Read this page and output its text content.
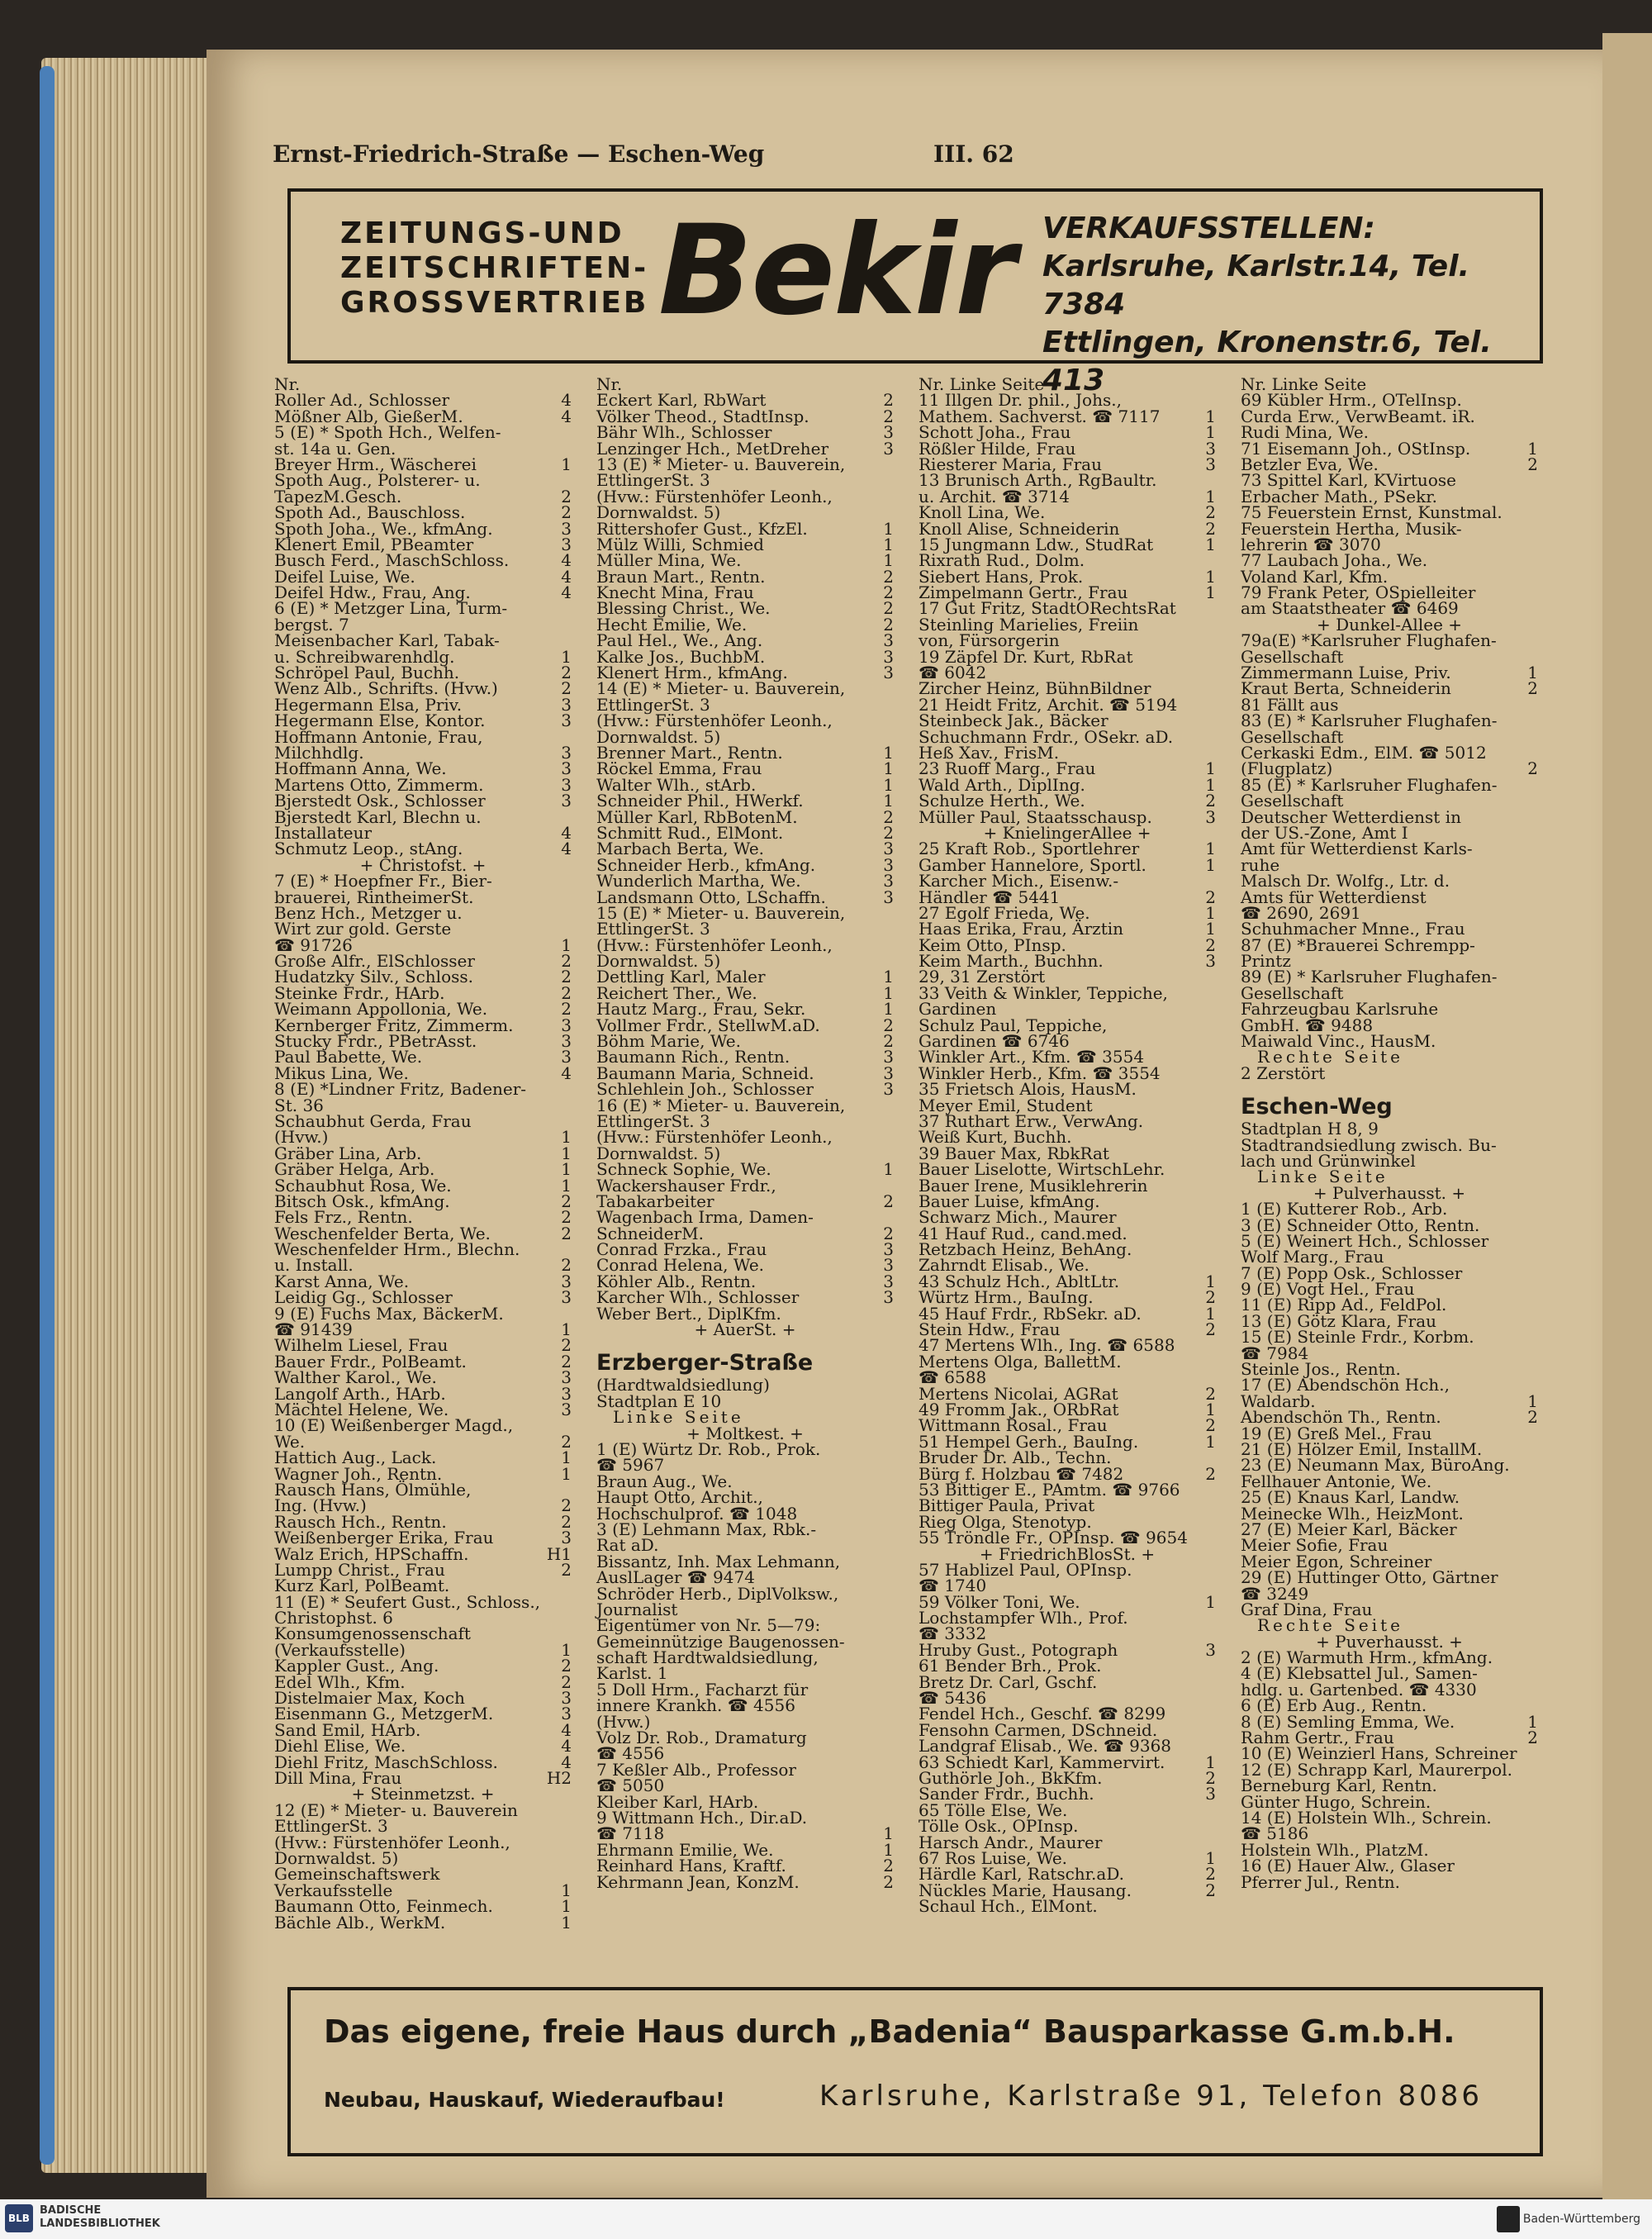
Ernst-Friedrich-Straße — Eschen-Weg	III. 62
ZEITUNGS-UND
ZEITSCHRIFTEN-
GROSSVERTRIEB Bekir VERKAUFSSTELLEN:
Karlsruhe, Karlstr.14, Tel. 7384
Ettlingen, Kronenstr.6, Tel. 413
Nr.
Roller Ad., Schlosser	4
Mößner Alb, GießerM.	4
5 (E) * Spoth Hch., Welfen-
st. 14a u. Gen.
Breyer Hrm., Wäscherei	1
Spoth Aug., Polsterer- u.
TapezM.Gesch.	2
Spoth Ad., Bauschloss.	2
Spoth Joha., We., kfmAng.	3
Klenert Emil, PBeamter	3
Busch Ferd., MaschSchloss.	4
Deifel Luise, We.	4
Deifel Hdw., Frau, Ang.	4
6 (E) * Metzger Lina, Turm-
bergst. 7
Meisenbacher Karl, Tabak-
u. Schreibwarenhdlg.	1
Schröpel Paul, Buchh.	2
Wenz Alb., Schrifts. (Hvw.)	2
Hegermann Elsa, Priv.	3
Hegermann Else, Kontor.	3
Hoffmann Antonie, Frau,
Milchhdlg.	3
Hoffmann Anna, We.	3
Martens Otto, Zimmerm.	3
Bjerstedt Osk., Schlosser	3
Bjerstedt Karl, Blechn u.
Installateur	4
Schmutz Leop., stAng.	4
+ Christofst. +
7 (E) * Hoepfner Fr., Bier-
brauerei, RintheimerSt.
Benz Hch., Metzger u.
Wirt zur gold. Gerste
☎ 91726	1
Große Alfr., ElSchlosser	2
Hudatzky Silv., Schloss.	2
Steinke Frdr., HArb.	2
Weimann Appollonia, We.	2
Kernberger Fritz, Zimmerm.	3
Stucky Frdr., PBetrAsst.	3
Paul Babette, We.	3
Mikus Lina, We.	4
8 (E) *Lindner Fritz, Badener-
St. 36
Schaubhut Gerda, Frau
(Hvw.)	1
Gräber Lina, Arb.	1
Gräber Helga, Arb.	1
Schaubhut Rosa, We.	1
Bitsch Osk., kfmAng.	2
Fels Frz., Rentn.	2
Weschenfelder Berta, We.	2
Weschenfelder Hrm., Blechn.
u. Install.	2
Karst Anna, We.	3
Leidig Gg., Schlosser	3
9 (E) Fuchs Max, BäckerM.
☎ 91439	1
Wilhelm Liesel, Frau	2
Bauer Frdr., PolBeamt.	2
Walther Karol., We.	3
Langolf Arth., HArb.	3
Mächtel Helene, We.	3
10 (E) Weißenberger Magd.,
We.	2
Hattich Aug., Lack.	1
Wagner Joh., Rentn.	1
Rausch Hans, Ölmühle,
Ing. (Hvw.)	2
Rausch Hch., Rentn.	2
Weißenberger Erika, Frau	3
Walz Erich, HPSchaffn.	H1
Lumpp Christ., Frau	2
Kurz Karl, PolBeamt.
11 (E) * Seufert Gust., Schloss.,
Christophst. 6
Konsumgenossenschaft
(Verkaufsstelle)	1
Kappler Gust., Ang.	2
Edel Wlh., Kfm.	2
Distelmaier Max, Koch	3
Eisenmann G., MetzgerM.	3
Sand Emil, HArb.	4
Diehl Elise, We.	4
Diehl Fritz, MaschSchloss.	4
Dill Mina, Frau	H2
+ Steinmetzst. +
12 (E) * Mieter- u. Bauverein
EttlingerSt. 3
(Hvw.: Fürstenhöfer Leonh.,
Dornwaldst. 5)
Gemeinschaftswerk
Verkaufsstelle	1
Baumann Otto, Feinmech.	1
Bächle Alb., WerkM.	1
Nr.
Eckert Karl, RbWart	2
Völker Theod., StadtInsp.	2
Bähr Wlh., Schlosser	3
Lenzinger Hch., MetDreher	3
13 (E) * Mieter- u. Bauverein,
EttlingerSt. 3
(Hvw.: Fürstenhöfer Leonh.,
Dornwaldst. 5)
Rittershofer Gust., KfzEl.	1
Mülz Willi, Schmied	1
Müller Mina, We.	1
Braun Mart., Rentn.	2
Knecht Mina, Frau	2
Blessing Christ., We.	2
Hecht Emilie, We.	2
Paul Hel., We., Ang.	3
Kalke Jos., BuchbM.	3
Klenert Hrm., kfmAng.	3
14 (E) * Mieter- u. Bauverein,
EttlingerSt. 3
(Hvw.: Fürstenhöfer Leonh.,
Dornwaldst. 5)
Brenner Mart., Rentn.	1
Röckel Emma, Frau	1
Walter Wlh., stArb.	1
Schneider Phil., HWerkf.	1
Müller Karl, RbBotenM.	2
Schmitt Rud., ElMont.	2
Marbach Berta, We.	3
Schneider Herb., kfmAng.	3
Wunderlich Martha, We.	3
Landsmann Otto, LSchaffn.	3
15 (E) * Mieter- u. Bauverein,
EttlingerSt. 3
(Hvw.: Fürstenhöfer Leonh.,
Dornwaldst. 5)
Dettling Karl, Maler	1
Reichert Ther., We.	1
Hautz Marg., Frau, Sekr.	1
Vollmer Frdr., StellwM.aD.	2
Böhm Marie, We.	2
Baumann Rich., Rentn.	3
Baumann Maria, Schneid.	3
Schlehlein Joh., Schlosser	3
16 (E) * Mieter- u. Bauverein,
EttlingerSt. 3
(Hvw.: Fürstenhöfer Leonh.,
Dornwaldst. 5)
Schneck Sophie, We.	1
Wackershauser Frdr.,
Tabakarbeiter	2
Wagenbach Irma, Damen-
SchneiderM.	2
Conrad Frzka., Frau	3
Conrad Helena, We.	3
Köhler Alb., Rentn.	3
Karcher Wlh., Schlosser	3
Weber Bert., DiplKfm.
+ AuerSt. +
Erzberger-Straße
(Hardtwaldsiedlung)
Stadtplan E 10
Linke Seite
+ Moltkest. +
1 (E) Würtz Dr. Rob., Prok.
☎ 5967
Braun Aug., We.
Haupt Otto, Archit.,
Hochschulprof. ☎ 1048
3 (E) Lehmann Max, Rbk.-
Rat aD.
Bissantz, Inh. Max Lehmann,
AuslLager ☎ 9474
Schröder Herb., DiplVolksw.,
Journalist
Eigentümer von Nr. 5—79:
Gemeinnützige Baugenossen-
schaft Hardtwaldsiedlung,
Karlst. 1
5 Doll Hrm., Facharzt für
innere Krankh. ☎ 4556
(Hvw.)
Volz Dr. Rob., Dramaturg
☎ 4556
7 Keßler Alb., Professor
☎ 5050
Kleiber Karl, HArb.
9 Wittmann Hch., Dir.aD.
☎ 7118	1
Ehrmann Emilie, We.	1
Reinhard Hans, Kraftf.	2
Kehrmann Jean, KonzM.	2
Nr. Linke Seite
11 Illgen Dr. phil., Johs.,
Mathem. Sachverst. ☎ 7117	1
Schott Joha., Frau	1
Rößler Hilde, Frau	3
Riesterer Maria, Frau	3
13 Brunisch Arth., RgBaultr.
u. Archit. ☎ 3714	1
Knoll Lina, We.	2
Knoll Alise, Schneiderin	2
15 Jungmann Ldw., StudRat	1
Rixrath Rud., Dolm.
Siebert Hans, Prok.	1
Zimpelmann Gertr., Frau	1
17 Gut Fritz, StadtORechtsRat
Steinling Marielies, Freiin
von, Fürsorgerin
19 Zäpfel Dr. Kurt, RbRat
☎ 6042
Zircher Heinz, BühnBildner
21 Heidt Fritz, Archit. ☎ 5194
Steinbeck Jak., Bäcker
Schuchmann Frdr., OSekr. aD.
Heß Xav., FrisM.
23 Ruoff Marg., Frau	1
Wald Arth., DiplIng.	1
Schulze Herth., We.	2
Müller Paul, Staatsschausp.	3
+ KnielingerAllee +
25 Kraft Rob., Sportlehrer	1
Gamber Hannelore, Sportl.	1
Karcher Mich., Eisenw.-
Händler ☎ 5441	2
27 Egolf Frieda, We.	1
Haas Erika, Frau, Ärztin	1
Keim Otto, PInsp.	2
Keim Marth., Buchhn.	3
29, 31 Zerstört
33 Veith & Winkler, Teppiche,
Gardinen
Schulz Paul, Teppiche,
Gardinen ☎ 6746
Winkler Art., Kfm. ☎ 3554
Winkler Herb., Kfm. ☎ 3554
35 Frietsch Alois, HausM.
Meyer Emil, Student
37 Ruthart Erw., VerwAng.
Weiß Kurt, Buchh.
39 Bauer Max, RbkRat
Bauer Liselotte, WirtschLehr.
Bauer Irene, Musiklehrerin
Bauer Luise, kfmAng.
Schwarz Mich., Maurer
41 Hauf Rud., cand.med.
Retzbach Heinz, BehAng.
Zahrndt Elisab., We.
43 Schulz Hch., AbltLtr.	1
Würtz Hrm., BauIng.	2
45 Hauf Frdr., RbSekr. aD.	1
Stein Hdw., Frau	2
47 Mertens Wlh., Ing. ☎ 6588
Mertens Olga, BallettM.
☎ 6588
Mertens Nicolai, AGRat	2
49 Fromm Jak., ORbRat	1
Wittmann Rosal., Frau	2
51 Hempel Gerh., BauIng.	1
Bruder Dr. Alb., Techn.
Bürg f. Holzbau ☎ 7482	2
53 Bittiger E., PAmtm. ☎ 9766
Bittiger Paula, Privat
Rieg Olga, Stenotyp.
55 Tröndle Fr., OPInsp. ☎ 9654
+ FriedrichBlosSt. +
57 Hablizel Paul, OPInsp.
☎ 1740
59 Völker Toni, We.	1
Lochstampfer Wlh., Prof.
☎ 3332
Hruby Gust., Potograph	3
61 Bender Brh., Prok.
Bretz Dr. Carl, Gschf.
☎ 5436
Fendel Hch., Geschf. ☎ 8299
Fensohn Carmen, DSchneid.
Landgraf Elisab., We. ☎ 9368
63 Schiedt Karl, Kammervirt. 1
Guthörle Joh., BkKfm.	2
Sander Frdr., Buchh.	3
65 Tölle Else, We.
Tölle Osk., OPInsp.
Harsch Andr., Maurer
67 Ros Luise, We.	1
Härdle Karl, Ratschr.aD.	2
Nückles Marie, Hausang.	2
Schaul Hch., ElMont.
Nr. Linke Seite
69 Kübler Hrm., OTelInsp.
Curda Erw., VerwBeamt. iR.
Rudi Mina, We.
71 Eisemann Joh., OStInsp.	1
Betzler Eva, We.	2
73 Spittel Karl, KVirtuose
Erbacher Math., PSekr.
75 Feuerstein Ernst, Kunstmal.
Feuerstein Hertha, Musik-
lehrerin ☎ 3070
77 Laubach Joha., We.
Voland Karl, Kfm.
79 Frank Peter, OSpielleiter
am Staatstheater ☎ 6469
+ Dunkel-Allee +
79a(E) *Karlsruher Flughafen-
Gesellschaft
Zimmermann Luise, Priv.	1
Kraut Berta, Schneiderin	2
81 Fällt aus
83 (E) * Karlsruher Flughafen-
Gesellschaft
Cerkaski Edm., ElM. ☎ 5012
(Flugplatz)	2
85 (E) * Karlsruher Flughafen-
Gesellschaft
Deutscher Wetterdienst in
der US.-Zone, Amt I
Amt für Wetterdienst Karls-
ruhe
Malsch Dr. Wolfg., Ltr. d.
Amts für Wetterdienst
☎ 2690, 2691
Schuhmacher Mnne., Frau
87 (E) *Brauerei Schrempp-
Printz
89 (E) * Karlsruher Flughafen-
Gesellschaft
Fahrzeugbau Karlsruhe
GmbH. ☎ 9488
Maiwald Vinc., HausM.
Rechte Seite
2 Zerstört
Eschen-Weg
Stadtplan H 8, 9
Stadtrandsiedlung zwisch. Bu-
lach und Grünwinkel
Linke Seite
+ Pulverhausst. +
1 (E) Kutterer Rob., Arb.
3 (E) Schneider Otto, Rentn.
5 (E) Weinert Hch., Schlosser
Wolf Marg., Frau
7 (E) Popp Osk., Schlosser
9 (E) Vogt Hel., Frau
11 (E) Ripp Ad., FeldPol.
13 (E) Götz Klara, Frau
15 (E) Steinle Frdr., Korbm.
☎ 7984
Steinle Jos., Rentn.
17 (E) Abendschön Hch.,
Waldarb.	1
Abendschön Th., Rentn.	2
19 (E) Greß Mel., Frau
21 (E) Hölzer Emil, InstallM.
23 (E) Neumann Max, BüroAng.
Fellhauer Antonie, We.
25 (E) Knaus Karl, Landw.
Meinecke Wlh., HeizMont.
27 (E) Meier Karl, Bäcker
Meier Sofie, Frau
Meier Egon, Schreiner
29 (E) Huttinger Otto, Gärtner
☎ 3249
Graf Dina, Frau
Rechte Seite
+ Puverhausst. +
2 (E) Warmuth Hrm., kfmAng.
4 (E) Klebsattel Jul., Samen-
hdlg. u. Gartenbed. ☎ 4330
6 (E) Erb Aug., Rentn.
8 (E) Semling Emma, We.	1
Rahm Gertr., Frau	2
10 (E) Weinzierl Hans, Schreiner
12 (E) Schrapp Karl, Maurerpol.
Berneburg Karl, Rentn.
Günter Hugo, Schrein.
14 (E) Holstein Wlh., Schrein.
☎ 5186
Holstein Wlh., PlatzM.
16 (E) Hauer Alw., Glaser
Pferrer Jul., Rentn.
Das eigene, freie Haus durch „Badenia“ Bausparkasse G.m.b.H.
Neubau, Hauskauf, Wiederaufbau!	Karlsruhe, Karlstraße 91, Telefon 8086
BLB
BADISCHE
LANDESBIBLIOTHEK	Baden-Württemberg
